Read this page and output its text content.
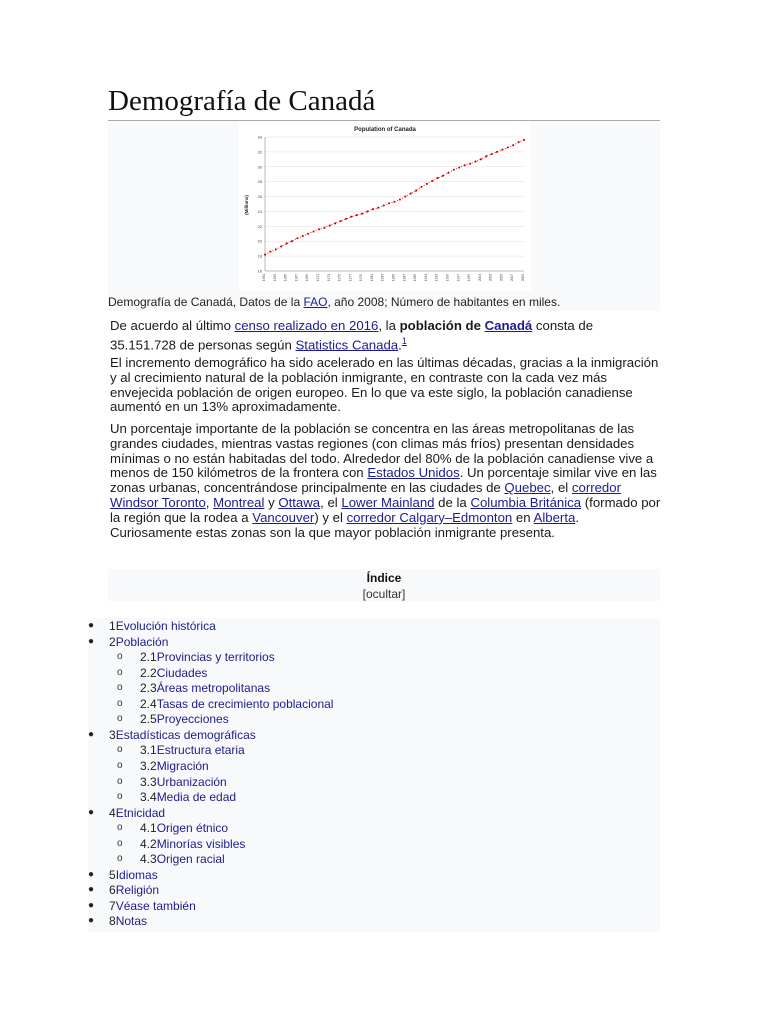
Demografía de Canadá
Population of Canada
(Millions)
16
18
20
22
24
26
28
30
32
34
1961 1963 1965 1967 1969 1971 1973 1975 1977 1979 1981 1983 1985 1987 1989 1991 1993 1995 1997 1999 2001 2003 2005 2007 2009
Demografía de Canadá, Datos de la FAO, año 2008; Número de habitantes en miles.

De acuerdo al último censo realizado en 2016, la población de Canadá consta de 35.151.728 de personas según Statistics Canada.$^1$

El incremento demográfico ha sido acelerado en las últimas décadas, gracias a la inmigración y al crecimiento natural de la población inmigrante, en contraste con la cada vez más envejecida población de origen europeo. En lo que va este siglo, la población canadiense aumentó en un 13% aproximadamente.

Un porcentaje importante de la población se concentra en las áreas metropolitanas de las grandes ciudades, mientras vastas regiones (con climas más fríos) presentan densidades mínimas o no están habitadas del todo. Alrededor del 80% de la población canadiense vive a menos de 150 kilómetros de la frontera con Estados Unidos. Un porcentaje similar vive en las zonas urbanas, concentrándose principalmente en las ciudades de Quebec, el corredor Windsor Toronto, Montreal y Ottawa, el Lower Mainland de la Columbia Británica (formado por la región que la rodea a Vancouver) y el corredor Calgary–Edmonton en Alberta. Curiosamente estas zonas son la que mayor población inmigrante presenta.

Índice
[ocultar]
● 1Evolución histórica
● 2Población
o 2.1Provincias y territorios
o 2.2Ciudades
o 2.3Áreas metropolitanas
o 2.4Tasas de crecimiento poblacional
o 2.5Proyecciones
● 3Estadísticas demográficas
o 3.1Estructura etaria
o 3.2Migración
o 3.3Urbanización
o 3.4Media de edad
● 4Etnicidad
o 4.1Origen étnico
o 4.2Minorías visibles
o 4.3Origen racial
● 5Idiomas
● 6Religión
● 7Véase también
● 8Notas
